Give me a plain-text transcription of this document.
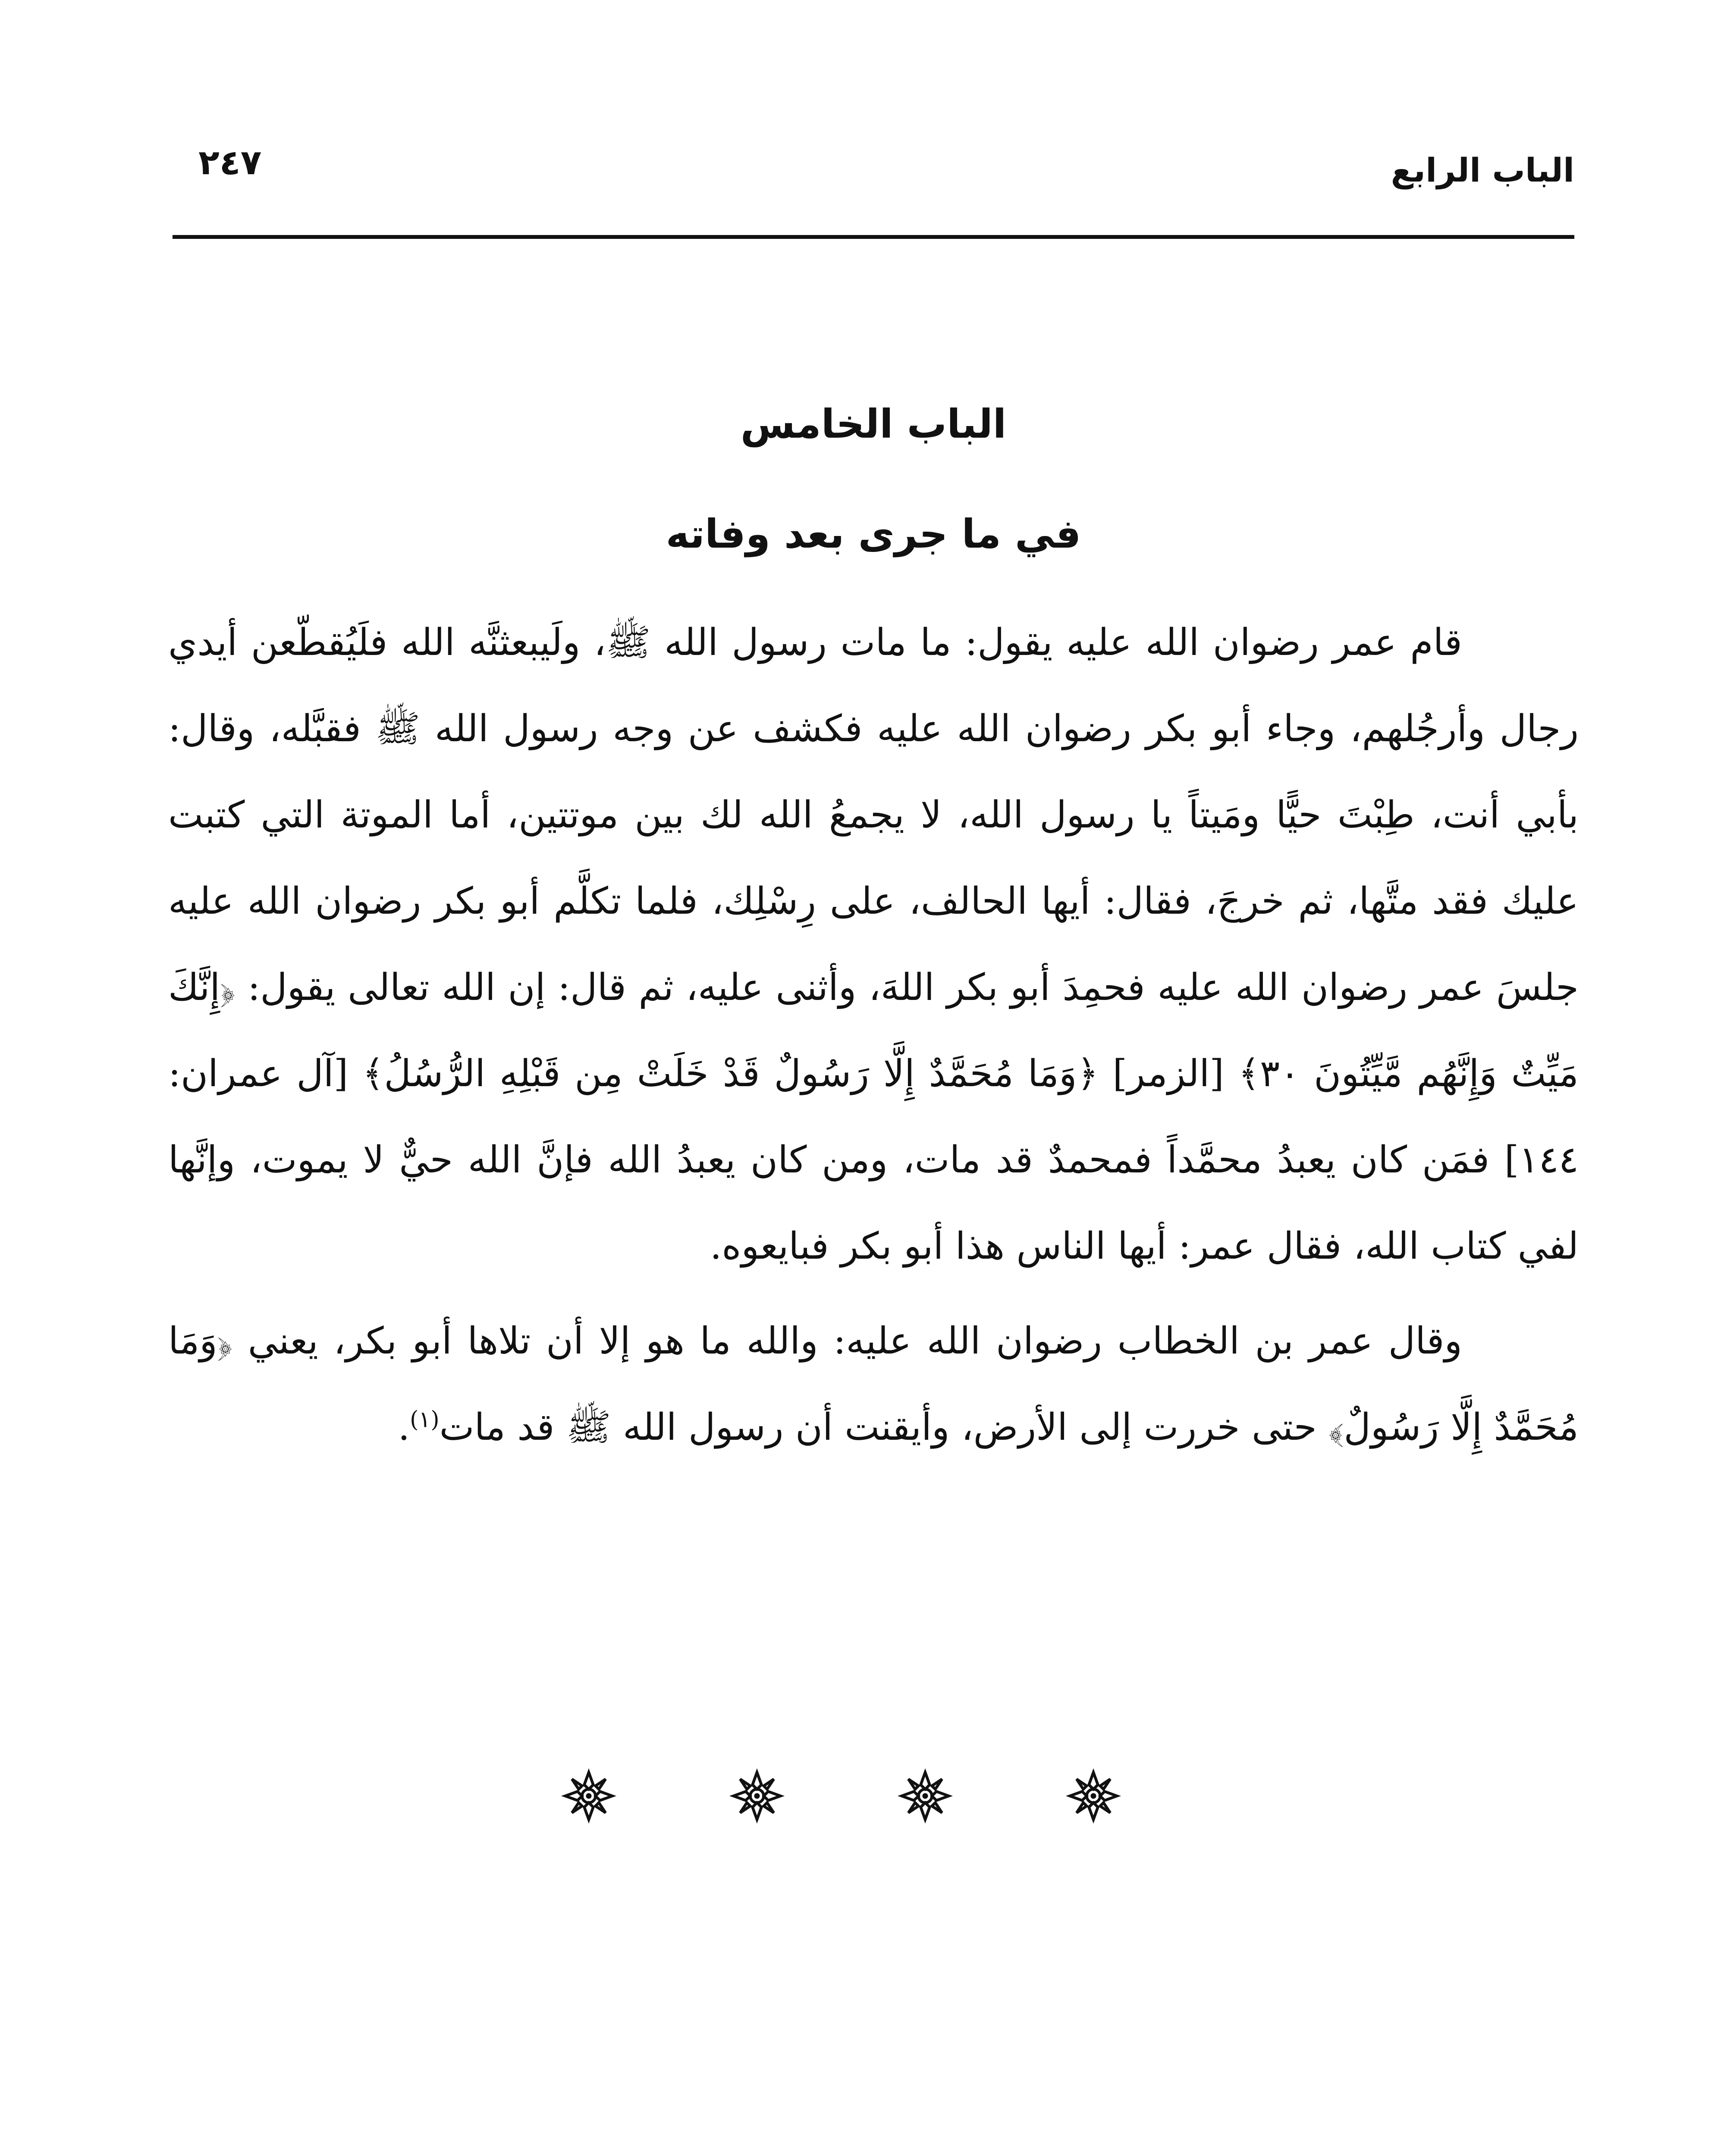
الباب الرابع
٢٤٧
الباب الخامس
في ما جرى بعد وفاته

قام عمر رضوان الله عليه يقول: ما مات رسول الله ﷺ، ولَيبعثنَّه الله فلَيُقطّعن أيدي رجال وأرجُلهم، وجاء أبو بكر رضوان الله عليه فكشف عن وجه رسول الله ﷺ فقبَّله، وقال: بأبي أنت، طِبْتَ حيًّا ومَيتاً يا رسول الله، لا يجمعُ الله لك بين موتتين، أما الموتة التي كتبت عليك فقد متَّها، ثم خرجَ، فقال: أيها الحالف، على رِسْلِك، فلما تكلَّم أبو بكر رضوان الله عليه جلسَ عمر رضوان الله عليه فحمِدَ أبو بكر اللهَ، وأثنى عليه، ثم قال: إن الله تعالى يقول: ﴿إِنَّكَ مَيِّتٌ وَإِنَّهُم مَّيِّتُونَ ٣٠﴾ [الزمر] ﴿وَمَا مُحَمَّدٌ إِلَّا رَسُولٌ قَدْ خَلَتْ مِن قَبْلِهِ الرُّسُلُ﴾ [آل عمران: ١٤٤] فمَن كان يعبدُ محمَّداً فمحمدٌ قد مات، ومن كان يعبدُ الله فإنَّ الله حيٌّ لا يموت، وإنَّها لفي كتاب الله، فقال عمر: أيها الناس هذا أبو بكر فبايعوه.

وقال عمر بن الخطاب رضوان الله عليه: والله ما هو إلا أن تلاها أبو بكر، يعني ﴿وَمَا مُحَمَّدٌ إِلَّا رَسُولٌ﴾ حتى خررت إلى الأرض، وأيقنت أن رسول الله ﷺ قد مات$^{(١)}$.
